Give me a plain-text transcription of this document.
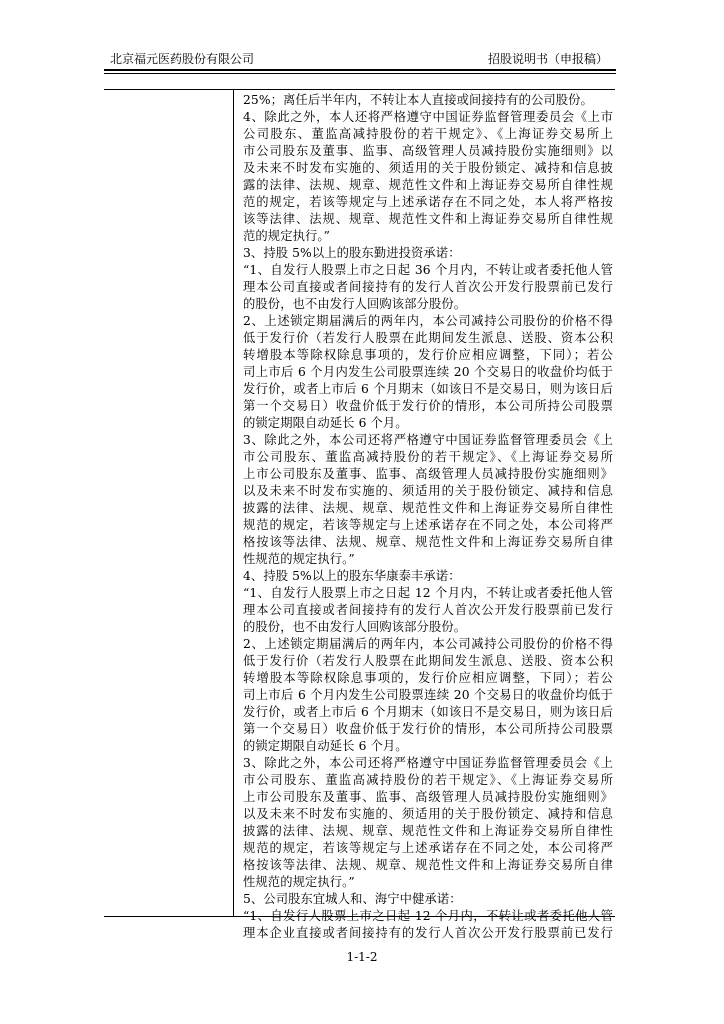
北京福元医药股份有限公司	招股说明书（申报稿）
25%；离任后半年内，不转让本人直接或间接持有的公司股份。
4、除此之外，本人还将严格遵守中国证券监督管理委员会《上市
公司股东、董监高减持股份的若干规定》、《上海证券交易所上
市公司股东及董事、监事、高级管理人员减持股份实施细则》以
及未来不时发布实施的、须适用的关于股份锁定、减持和信息披
露的法律、法规、规章、规范性文件和上海证券交易所自律性规
范的规定，若该等规定与上述承诺存在不同之处，本人将严格按
该等法律、法规、规章、规范性文件和上海证券交易所自律性规
范的规定执行。”
3、持股 5%以上的股东勤进投资承诺：
“1、自发行人股票上市之日起 36 个月内，不转让或者委托他人管
理本公司直接或者间接持有的发行人首次公开发行股票前已发行
的股份，也不由发行人回购该部分股份。
2、上述锁定期届满后的两年内，本公司减持公司股份的价格不得
低于发行价（若发行人股票在此期间发生派息、送股、资本公积
转增股本等除权除息事项的，发行价应相应调整，下同）；若公
司上市后 6 个月内发生公司股票连续 20 个交易日的收盘价均低于
发行价，或者上市后 6 个月期末（如该日不是交易日，则为该日后
第一个交易日）收盘价低于发行价的情形，本公司所持公司股票
的锁定期限自动延长 6 个月。
3、除此之外，本公司还将严格遵守中国证券监督管理委员会《上
市公司股东、董监高减持股份的若干规定》、《上海证券交易所
上市公司股东及董事、监事、高级管理人员减持股份实施细则》
以及未来不时发布实施的、须适用的关于股份锁定、减持和信息
披露的法律、法规、规章、规范性文件和上海证券交易所自律性
规范的规定，若该等规定与上述承诺存在不同之处，本公司将严
格按该等法律、法规、规章、规范性文件和上海证券交易所自律
性规范的规定执行。”
4、持股 5%以上的股东华康泰丰承诺：
“1、自发行人股票上市之日起 12 个月内，不转让或者委托他人管
理本公司直接或者间接持有的发行人首次公开发行股票前已发行
的股份，也不由发行人回购该部分股份。
2、上述锁定期届满后的两年内，本公司减持公司股份的价格不得
低于发行价（若发行人股票在此期间发生派息、送股、资本公积
转增股本等除权除息事项的，发行价应相应调整，下同）；若公
司上市后 6 个月内发生公司股票连续 20 个交易日的收盘价均低于
发行价，或者上市后 6 个月期末（如该日不是交易日，则为该日后
第一个交易日）收盘价低于发行价的情形，本公司所持公司股票
的锁定期限自动延长 6 个月。
3、除此之外，本公司还将严格遵守中国证券监督管理委员会《上
市公司股东、董监高减持股份的若干规定》、《上海证券交易所
上市公司股东及董事、监事、高级管理人员减持股份实施细则》
以及未来不时发布实施的、须适用的关于股份锁定、减持和信息
披露的法律、法规、规章、规范性文件和上海证券交易所自律性
规范的规定，若该等规定与上述承诺存在不同之处，本公司将严
格按该等法律、法规、规章、规范性文件和上海证券交易所自律
性规范的规定执行。”
5、公司股东宜城人和、海宁中健承诺：
“1、自发行人股票上市之日起 12 个月内，不转让或者委托他人管
理本企业直接或者间接持有的发行人首次公开发行股票前已发行
1-1-2
